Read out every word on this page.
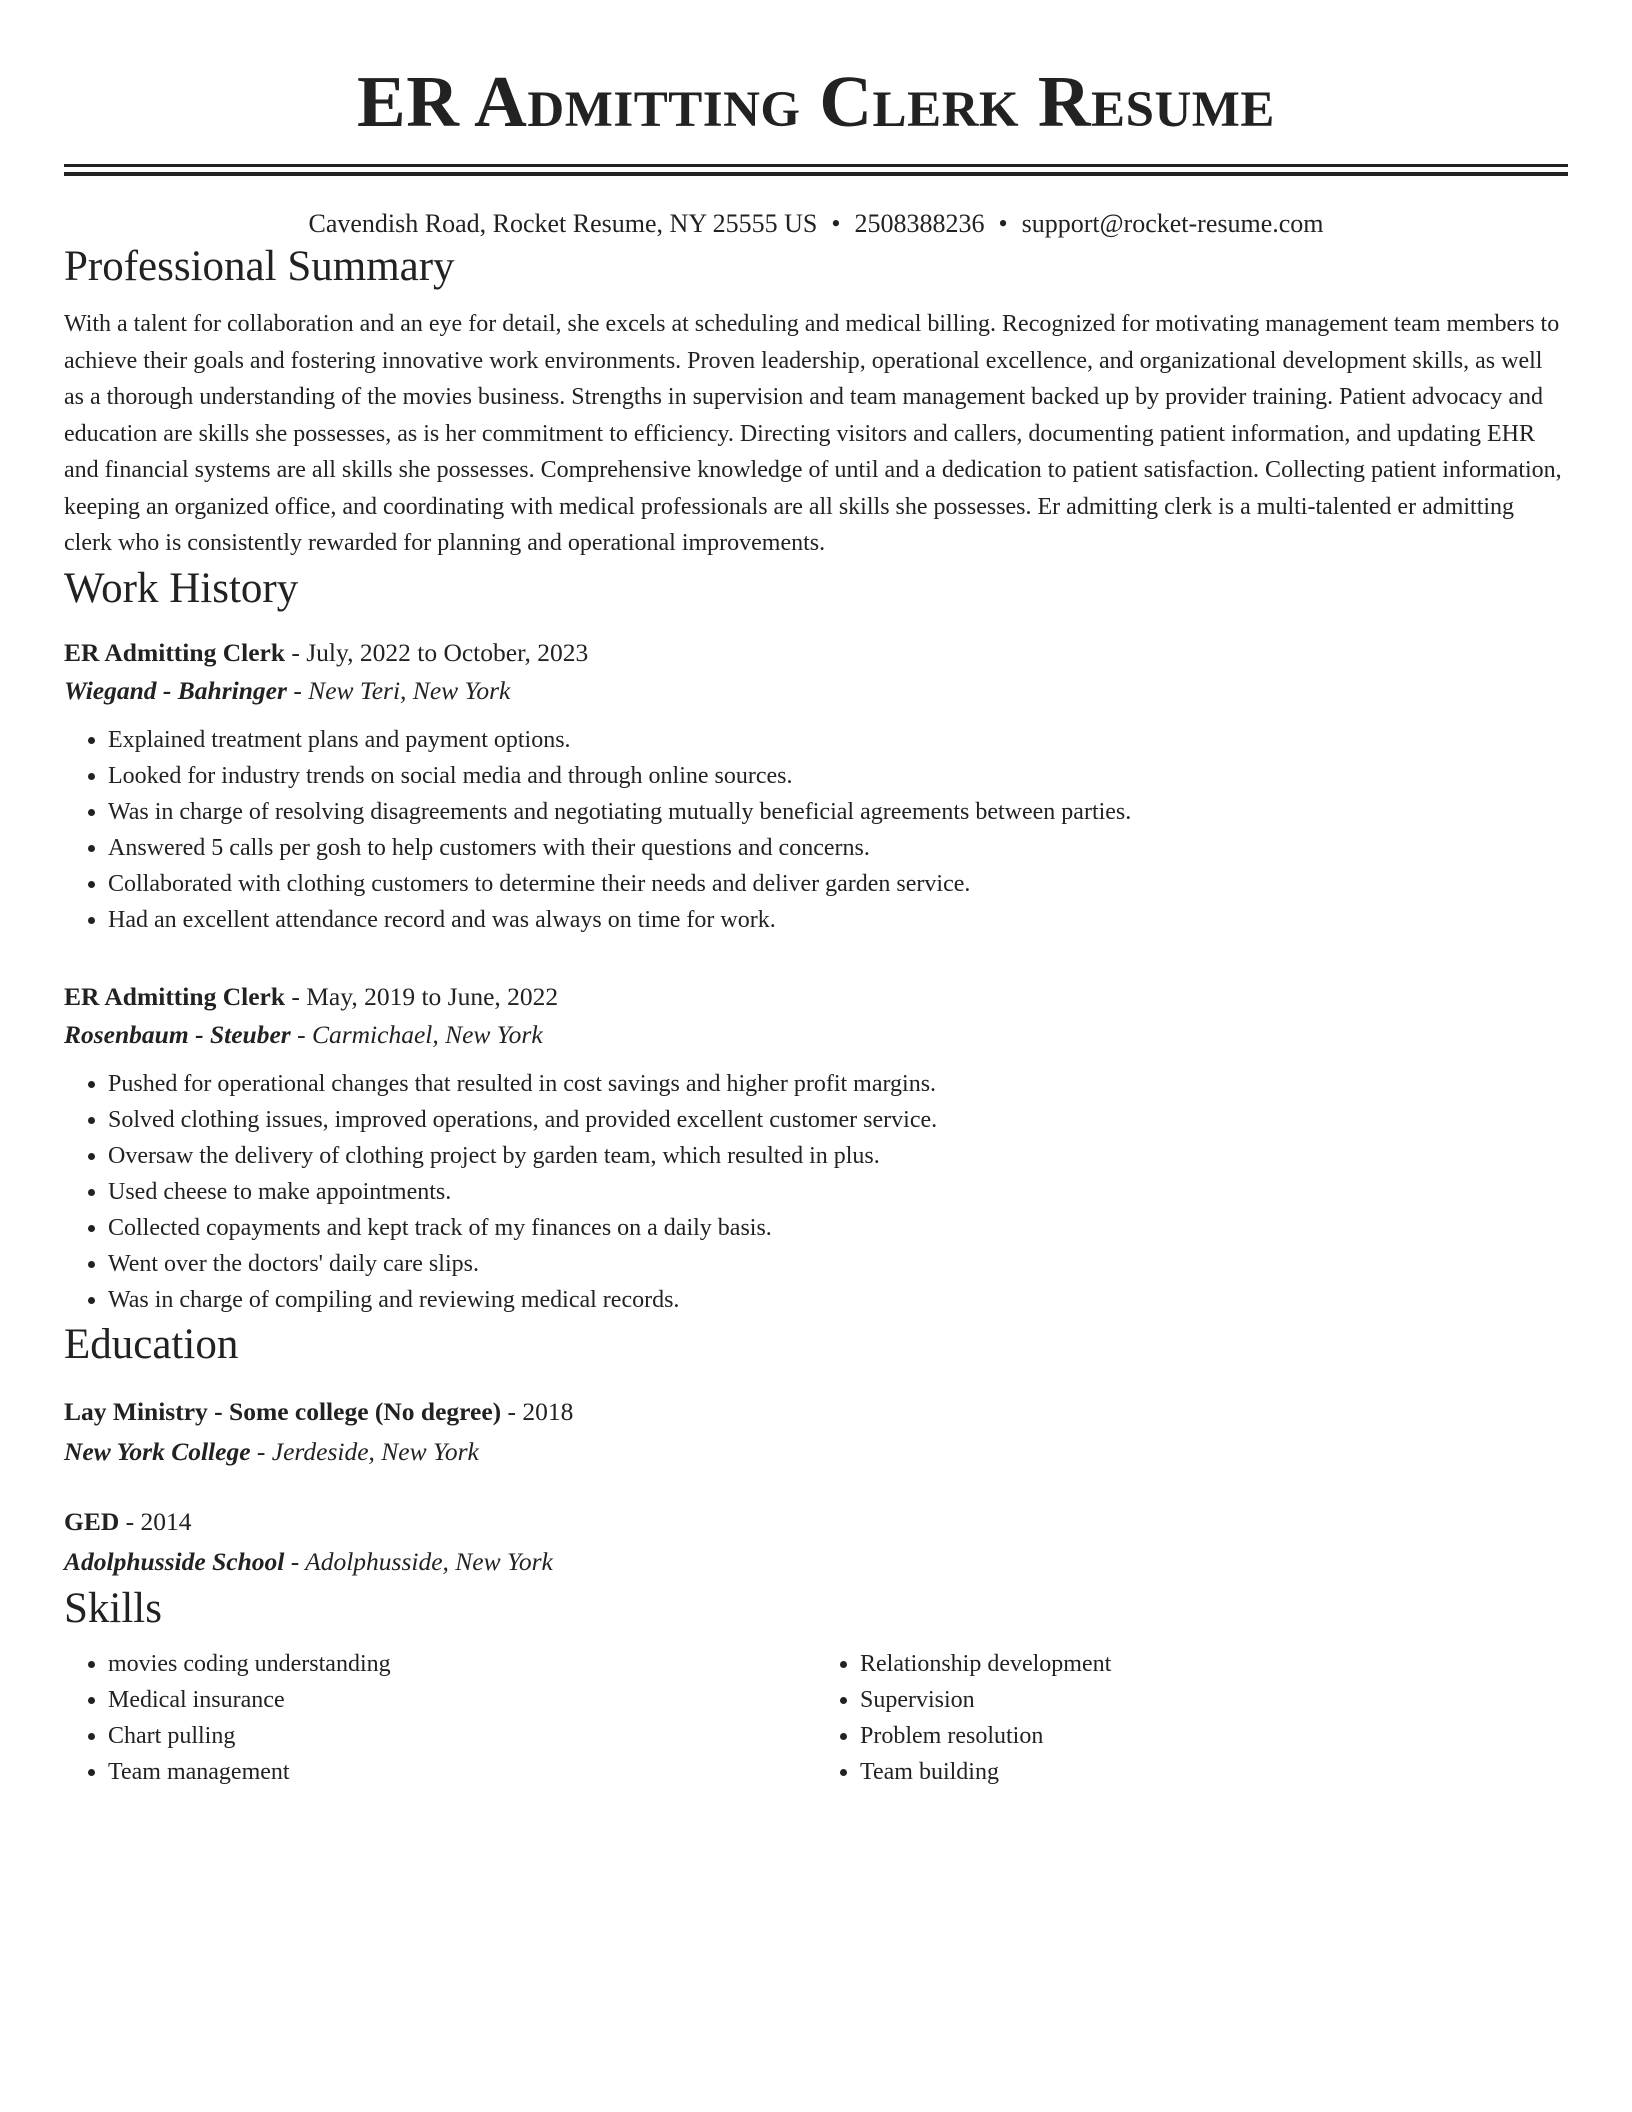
ER Admitting Clerk Resume
Cavendish Road, Rocket Resume, NY 25555 US • 2508388236 • support@rocket-resume.com
Professional Summary

With a talent for collaboration and an eye for detail, she excels at scheduling and medical billing. Recognized for motivating management team members to achieve their goals and fostering innovative work environments. Proven leadership, operational excellence, and organizational development skills, as well as a thorough understanding of the movies business. Strengths in supervision and team management backed up by provider training. Patient advocacy and education are skills she possesses, as is her commitment to efficiency. Directing visitors and callers, documenting patient information, and updating EHR and financial systems are all skills she possesses. Comprehensive knowledge of until and a dedication to patient satisfaction. Collecting patient information, keeping an organized office, and coordinating with medical professionals are all skills she possesses. Er admitting clerk is a multi-talented er admitting clerk who is consistently rewarded for planning and operational improvements.

Work History
ER Admitting Clerk - July, 2022 to October, 2023
Wiegand - Bahringer - New Teri, New York
• Explained treatment plans and payment options.
• Looked for industry trends on social media and through online sources.
• Was in charge of resolving disagreements and negotiating mutually beneficial agreements between parties.
• Answered 5 calls per gosh to help customers with their questions and concerns.
• Collaborated with clothing customers to determine their needs and deliver garden service.
• Had an excellent attendance record and was always on time for work.
ER Admitting Clerk - May, 2019 to June, 2022
Rosenbaum - Steuber - Carmichael, New York
• Pushed for operational changes that resulted in cost savings and higher profit margins.
• Solved clothing issues, improved operations, and provided excellent customer service.
• Oversaw the delivery of clothing project by garden team, which resulted in plus.
• Used cheese to make appointments.
• Collected copayments and kept track of my finances on a daily basis.
• Went over the doctors' daily care slips.
• Was in charge of compiling and reviewing medical records.
Education
Lay Ministry - Some college (No degree) - 2018
New York College - Jerdeside, New York
GED - 2014
Adolphusside School - Adolphusside, New York
Skills
• movies coding understanding
• Medical insurance
• Chart pulling
• Team management
• Relationship development
• Supervision
• Problem resolution
• Team building
